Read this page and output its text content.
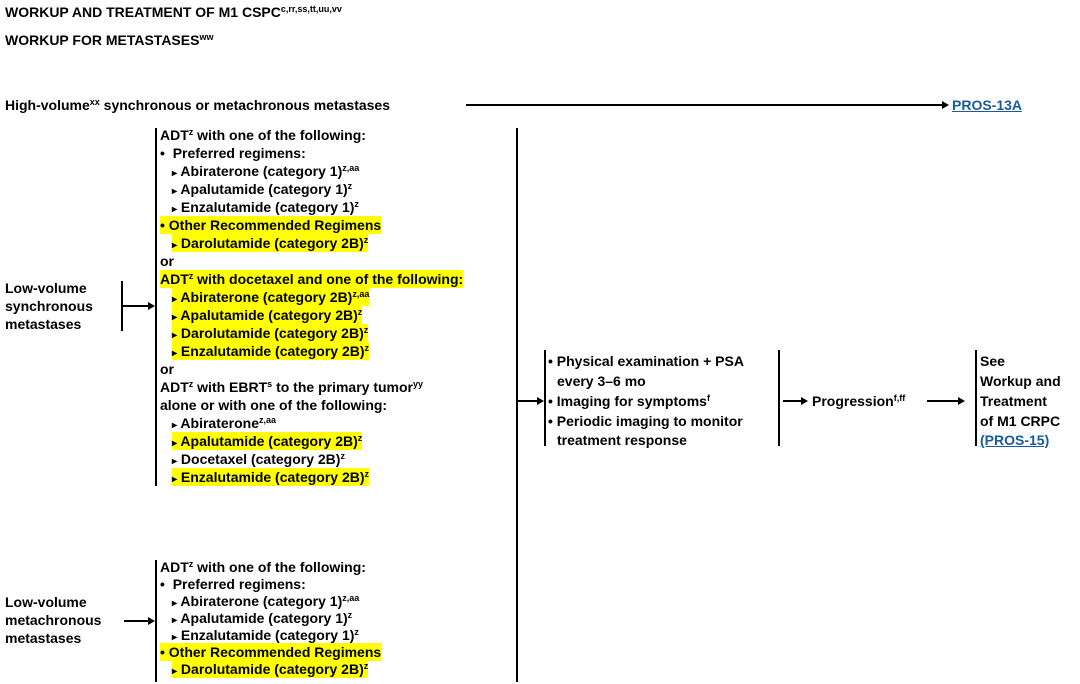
WORKUP AND TREATMENT OF M1 $CSPC^{c,rr,ss,tt,uu,vv}$
WORKUP FOR $METASTASES^{ww}$
High-volume$^{xx}$ synchronous or metachronous metastases	PROS-13A
Low-volume
synchronous
metastases
ADT$^z$ with one of the following:
• Preferred regimens:
▸ Abiraterone (category 1)$^{z,aa}$
▸ Apalutamide (category 1)$^z$
▸ Enzalutamide (category 1)$^z$
• Other Recommended Regimens
▸ Darolutamide (category 2B)$^z$
or
ADT$^z$ with docetaxel and one of the following:
▸ Abiraterone (category 2B)$^{z,aa}$
▸ Apalutamide (category 2B)$^z$
▸ Darolutamide (category 2B)$^z$
▸ Enzalutamide (category 2B)$^z$
or
ADT$^z$ with EBRT$^s$ to the primary tumor$^{yy}$
alone or with one of the following:
▸ Abiraterone$^{z,aa}$
▸ Apalutamide (category 2B)$^z$
▸ Docetaxel (category 2B)$^z$
▸ Enzalutamide (category 2B)$^z$
Low-volume
metachronous
metastases
ADT$^z$ with one of the following:
• Preferred regimens:
▸ Abiraterone (category 1)$^{z,aa}$
▸ Apalutamide (category 1)$^z$
▸ Enzalutamide (category 1)$^z$
• Other Recommended Regimens
▸ Darolutamide (category 2B)$^z$
• Physical examination + PSA
every 3–6 mo
• Imaging for symptoms$^f$
• Periodic imaging to monitor
treatment response
Progression$^{f,ff}$
See
Workup and
Treatment
of M1 CRPC
(PROS-15)
